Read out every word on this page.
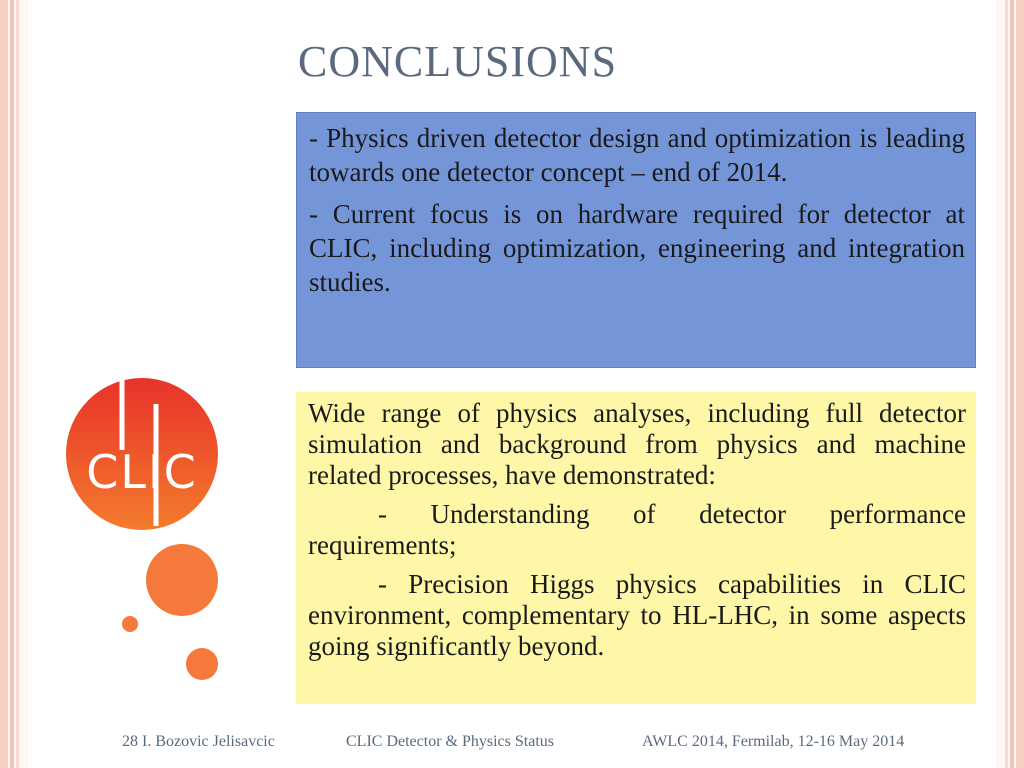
CONCLUSIONS

- Physics driven detector design and optimization is leading towards one detector concept – end of 2014.

- Current focus is on hardware required for detector at CLIC, including optimization, engineering and integration studies.

Wide range of physics analyses, including full detector simulation and background from physics and machine related processes, have demonstrated:

- Understanding of detector performance requirements;

- Precision Higgs physics capabilities in CLIC environment, complementary to HL-LHC, in some aspects going significantly beyond.

CLIC
28 I. Bozovic Jelisavcic	CLIC Detector & Physics Status	AWLC 2014, Fermilab, 12-16 May 2014
